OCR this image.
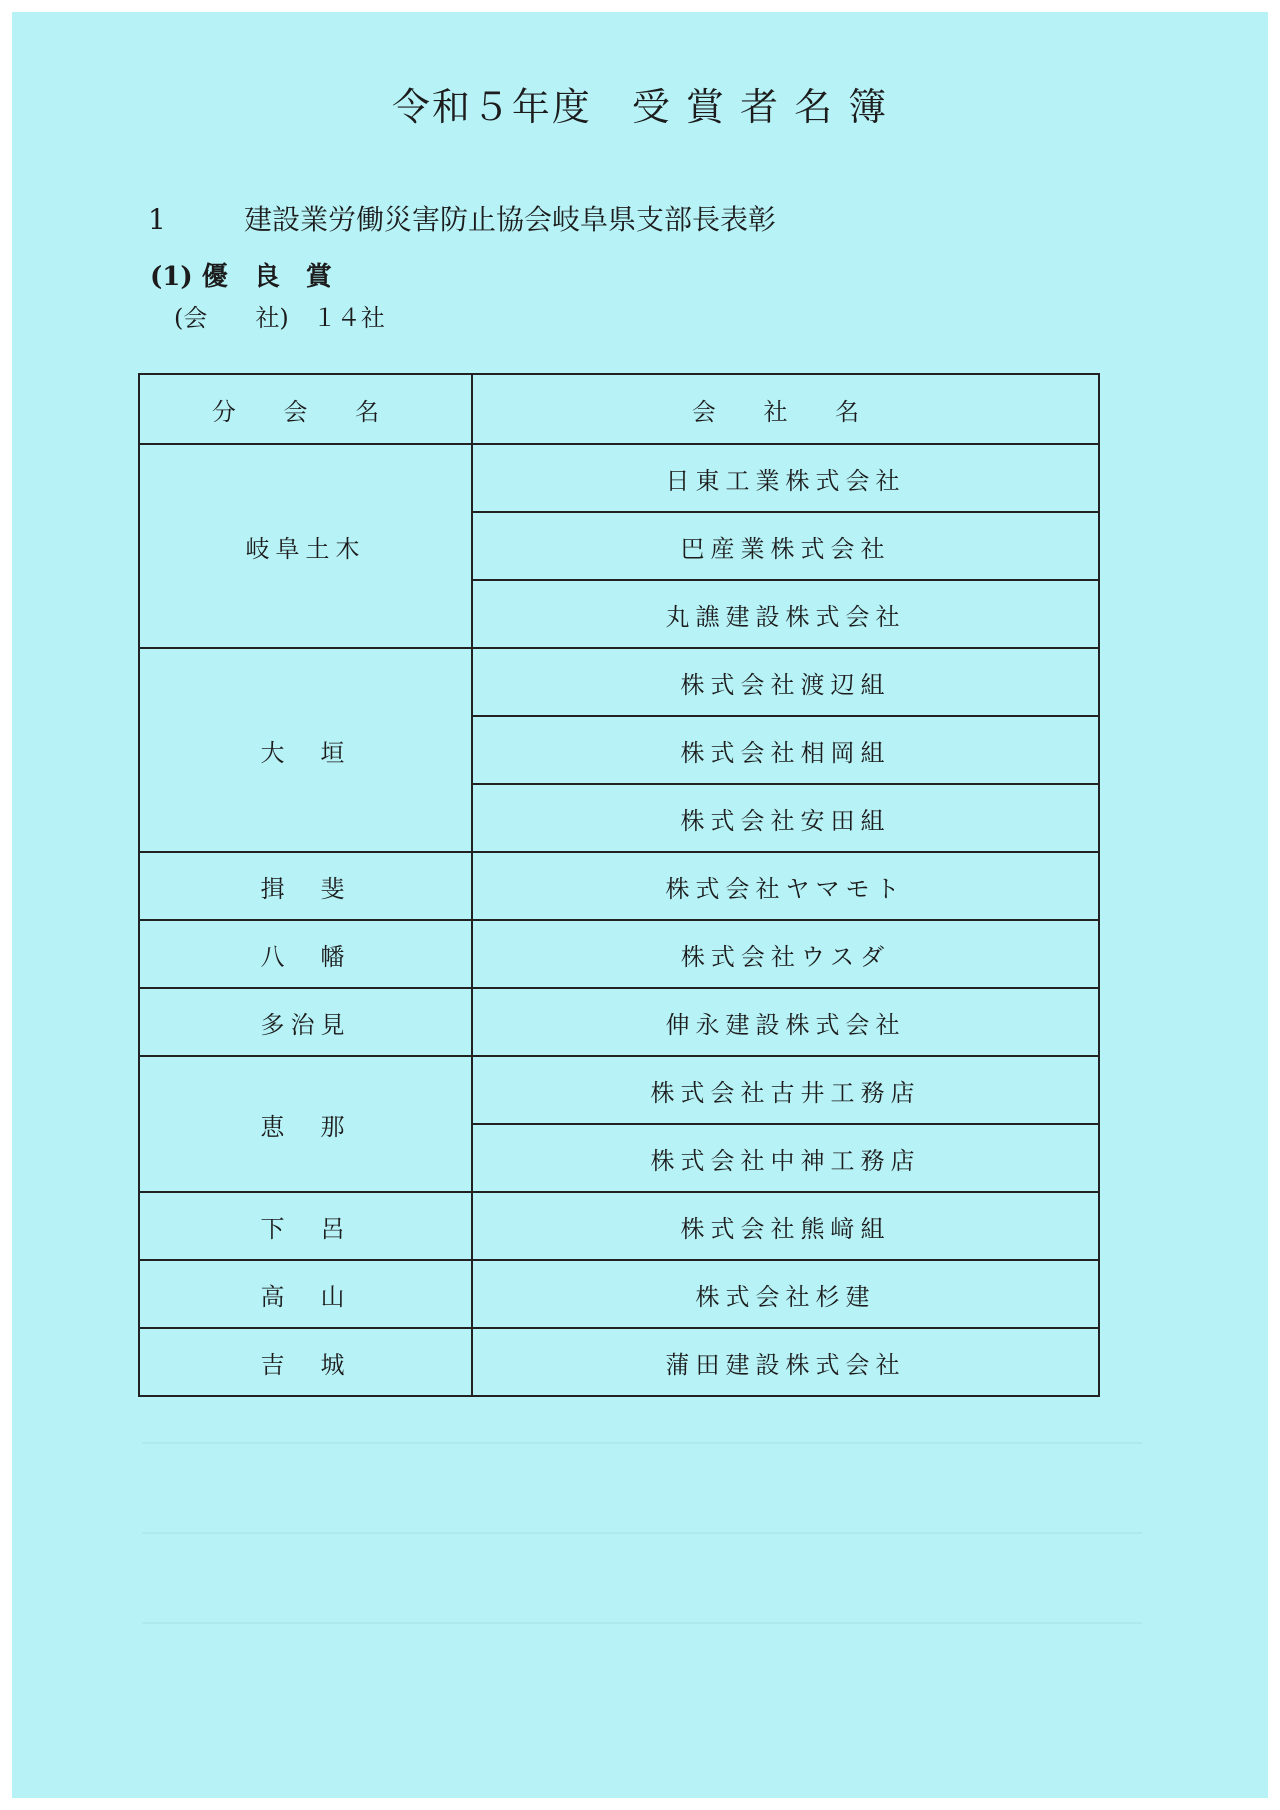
令和５年度　受 賞 者 名 簿
1	建設業労働災害防止協会岐阜県支部長表彰
(1) 優　良　賞
(会　　社)　１４社
分 会 名	会 社 名
岐阜土木	日東工業株式会社
	巴産業株式会社
	丸譙建設株式会社
大　垣	株式会社渡辺組
	株式会社相岡組
	株式会社安田組
揖　斐	株式会社ヤマモト
八　幡	株式会社ウスダ
多治見	伸永建設株式会社
恵　那	株式会社古井工務店
	株式会社中神工務店
下　呂	株式会社熊﨑組
高　山	株式会社杉建
吉　城	蒲田建設株式会社
